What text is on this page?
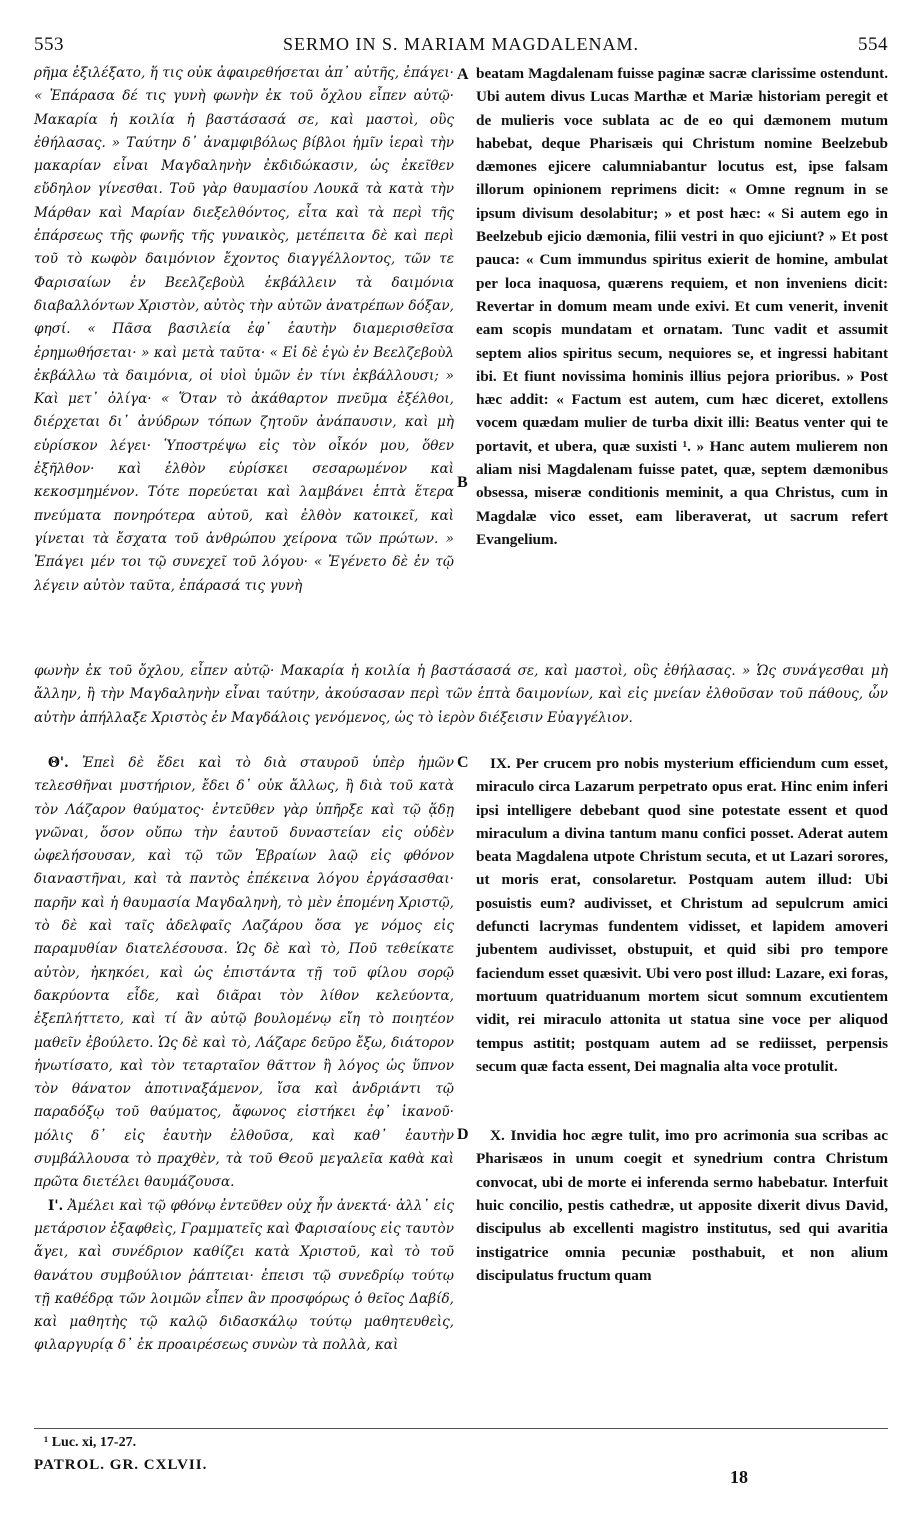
553	SERMO IN S. MARIAM MAGDALENAM.	554

ρῆμα ἐξιλέξατο, ἥ τις οὐκ ἀφαιρεθήσεται ἀπ᾽ αὐτῆς, ἐπάγει· « Ἐπάρασα δέ τις γυνὴ φωνὴν ἐκ τοῦ ὄχλου εἶπεν αὐτῷ· Μακαρία ἡ κοιλία ἡ βαστάσασά σε, καὶ μαστοὶ, οὓς ἐθήλασας. » Ταύτην δ᾽ ἀναμφιβόλως βίβλοι ἡμῖν ἱεραὶ τὴν μακαρίαν εἶναι Μαγδαληνὴν ἐκδιδώκασιν, ὡς ἐκεῖθεν εὔδηλον γίνεσθαι. Τοῦ γὰρ θαυμασίου Λουκᾶ τὰ κατὰ τὴν Μάρθαν καὶ Μαρίαν διεξελθόντος, εἶτα καὶ τὰ περὶ τῆς ἐπάρσεως τῆς φωνῆς τῆς γυναικὸς, μετέπειτα δὲ καὶ περὶ τοῦ τὸ κωφὸν δαιμόνιον ἔχοντος διαγγέλλοντος, τῶν τε Φαρισαίων ἐν Βεελζεβοὺλ ἐκβάλλειν τὰ δαιμόνια διαβαλλόντων Χριστὸν, αὐτὸς τὴν αὐτῶν ἀνατρέπων δόξαν, φησί. « Πᾶσα βασιλεία ἐφ᾽ ἑαυτὴν διαμερισθεῖσα ἐρημωθήσεται· » καὶ μετὰ ταῦτα· « Εἰ δὲ ἐγὼ ἐν Βεελζεβοὺλ ἐκβάλλω τὰ δαιμόνια, οἱ υἱοὶ ὑμῶν ἐν τίνι ἐκβάλλουσι; » Καὶ μετ᾽ ὀλίγα· « Ὅταν τὸ ἀκάθαρτον πνεῦμα ἐξέλθοι, διέρχεται δι᾽ ἀνύδρων τόπων ζητοῦν ἀνάπαυσιν, καὶ μὴ εὑρίσκον λέγει· Ὑποστρέψω εἰς τὸν οἶκόν μου, ὅθεν ἐξῆλθον· καὶ ἐλθὸν εὑρίσκει σεσαρωμένον καὶ κεκοσμημένον. Τότε πορεύεται καὶ λαμβάνει ἑπτὰ ἕτερα πνεύματα πονηρότερα αὐτοῦ, καὶ ἐλθὸν κατοικεῖ, καὶ γίνεται τὰ ἔσχατα τοῦ ἀνθρώπου χείρονα τῶν πρώτων. » Ἐπάγει μέν τοι τῷ συνεχεῖ τοῦ λόγου· « Ἐγένετο δὲ ἐν τῷ λέγειν αὐτὸν ταῦτα, ἐπάρασά τις γυνὴ

A
B

beatam Magdalenam fuisse paginæ sacræ clarissime ostendunt. Ubi autem divus Lucas Marthæ et Mariæ historiam peregit et de mulieris voce sublata ac de eo qui dæmonem mutum habebat, deque Pharisæis qui Christum nomine Beelzebub dæmones ejicere calumniabantur locutus est, ipse falsam illorum opinionem reprimens dicit: « Omne regnum in se ipsum divisum desolabitur; » et post hæc: « Si autem ego in Beelzebub ejicio dæmonia, filii vestri in quo ejiciunt? » Et post pauca: « Cum immundus spiritus exierit de homine, ambulat per loca inaquosa, quærens requiem, et non inveniens dicit: Revertar in domum meam unde exivi. Et cum venerit, invenit eam scopis mundatam et ornatam. Tunc vadit et assumit septem alios spiritus secum, nequiores se, et ingressi habitant ibi. Et fiunt novissima hominis illius pejora prioribus. » Post hæc addit: « Factum est autem, cum hæc diceret, extollens vocem quædam mulier de turba dixit illi: Beatus venter qui te portavit, et ubera, quæ suxisti ¹. » Hanc autem mulierem non aliam nisi Magdalenam fuisse patet, quæ, septem dæmonibus obsessa, miseræ conditionis meminit, a qua Christus, cum in Magdalæ vico esset, eam liberaverat, ut sacrum refert Evangelium.

φωνὴν ἐκ τοῦ ὄχλου, εἶπεν αὐτῷ· Μακαρία ἡ κοιλία ἡ βαστάσασά σε, καὶ μαστοὶ, οὓς ἐθήλασας. » Ὡς συνάγεσθαι μὴ ἄλλην, ἢ τὴν Μαγδαληνὴν εἶναι ταύτην, ἀκούσασαν περὶ τῶν ἑπτὰ δαιμονίων, καὶ εἰς μνείαν ἐλθοῦσαν τοῦ πάθους, ὧν αὐτὴν ἀπήλλαξε Χριστὸς ἐν Μαγδάλοις γενόμενος, ὡς τὸ ἱερὸν διέξεισιν Εὐαγγέλιον.

Θ'. Ἐπεὶ δὲ ἔδει καὶ τὸ διὰ σταυροῦ ὑπὲρ ἡμῶν τελεσθῆναι μυστήριον, ἔδει δ᾽ οὐκ ἄλλως, ἢ διὰ τοῦ κατὰ τὸν Λάζαρον θαύματος· ἐντεῦθεν γὰρ ὑπῆρξε καὶ τῷ ᾅδῃ γνῶναι, ὅσον οὔπω τὴν ἑαυτοῦ δυναστείαν εἰς οὐδὲν ὠφελήσουσαν, καὶ τῷ τῶν Ἑβραίων λαῷ εἰς φθόνον διαναστῆναι, καὶ τὰ παντὸς ἐπέκεινα λόγου ἐργάσασθαι· παρῆν καὶ ἡ θαυμασία Μαγδαληνὴ, τὸ μὲν ἑπομένη Χριστῷ, τὸ δὲ καὶ ταῖς ἀδελφαῖς Λαζάρου ὅσα γε νόμος εἰς παραμυθίαν διατελέσουσα. Ὡς δὲ καὶ τὸ, Ποῦ τεθείκατε αὐτὸν, ἠκηκόει, καὶ ὡς ἐπιστάντα τῇ τοῦ φίλου σορῷ δακρύοντα εἶδε, καὶ διᾶραι τὸν λίθον κελεύοντα, ἐξεπλήττετο, καὶ τί ἂν αὐτῷ βουλομένῳ εἴη τὸ ποιητέον μαθεῖν ἐβούλετο. Ὡς δὲ καὶ τὸ, Λάζαρε δεῦρο ἔξω, διάτορον ἠνωτίσατο, καὶ τὸν τεταρταῖον θᾶττον ἢ λόγος ὡς ὕπνον τὸν θάνατον ἀποτιναξάμενον, ἴσα καὶ ἀνδριάντι τῷ παραδόξῳ τοῦ θαύματος, ἄφωνος εἱστήκει ἐφ᾽ ἱκανοῦ· μόλις δ᾽ εἰς ἑαυτὴν ἐλθοῦσα, καὶ καθ᾽ ἑαυτὴν συμβάλλουσα τὸ πραχθὲν, τὰ τοῦ Θεοῦ μεγαλεῖα καθὰ καὶ πρῶτα διετέλει θαυμάζουσα.

Ι'. Ἀμέλει καὶ τῷ φθόνῳ ἐντεῦθεν οὐχ ἦν ἀνεκτά· ἀλλ᾽ εἰς μετάρσιον ἐξαφθεὶς, Γραμματεῖς καὶ Φαρισαίους εἰς ταυτὸν ἄγει, καὶ συνέδριον καθίζει κατὰ Χριστοῦ, καὶ τὸ τοῦ θανάτου συμβούλιον ῥάπτειαι· ἐπεισι τῷ συνεδρίῳ τούτῳ τῇ καθέδρᾳ τῶν λοιμῶν εἶπεν ἂν προσφόρως ὁ θεῖος Δαβίδ, καὶ μαθητὴς τῷ καλῷ διδασκάλῳ τούτῳ μαθητευθεὶς, φιλαργυρίᾳ δ᾽ ἐκ προαιρέσεως συνὼν τὰ πολλὰ, καὶ

C
D

IX. Per crucem pro nobis mysterium efficiendum cum esset, miraculo circa Lazarum perpetrato opus erat. Hinc enim inferi ipsi intelligere debebant quod sine potestate essent et quod miraculum a divina tantum manu confici posset. Aderat autem beata Magdalena utpote Christum secuta, et ut Lazari sorores, ut moris erat, consolaretur. Postquam autem illud: Ubi posuistis eum? audivisset, et Christum ad sepulcrum amici defuncti lacrymas fundentem vidisset, et lapidem amoveri jubentem audivisset, obstupuit, et quid sibi pro tempore faciendum esset quæsivit. Ubi vero post illud: Lazare, exi foras, mortuum quatriduanum mortem sicut somnum excutientem vidit, rei miraculo attonita ut statua sine voce per aliquod tempus astitit; postquam autem ad se rediisset, perpensis secum quæ facta essent, Dei magnalia alta voce protulit.

X. Invidia hoc ægre tulit, imo pro acrimonia sua scribas ac Pharisæos in unum coegit et synedrium contra Christum convocat, ubi de morte ei inferenda sermo habebatur. Interfuit huic concilio, pestis cathedræ, ut apposite dixerit divus David, discipulus ab excellenti magistro institutus, sed qui avaritia instigatrice omnia pecuniæ posthabuit, et non alium discipulatus fructum quam

¹ Luc. xi, 17-27.
PATROL. GR. CXLVII.
18
